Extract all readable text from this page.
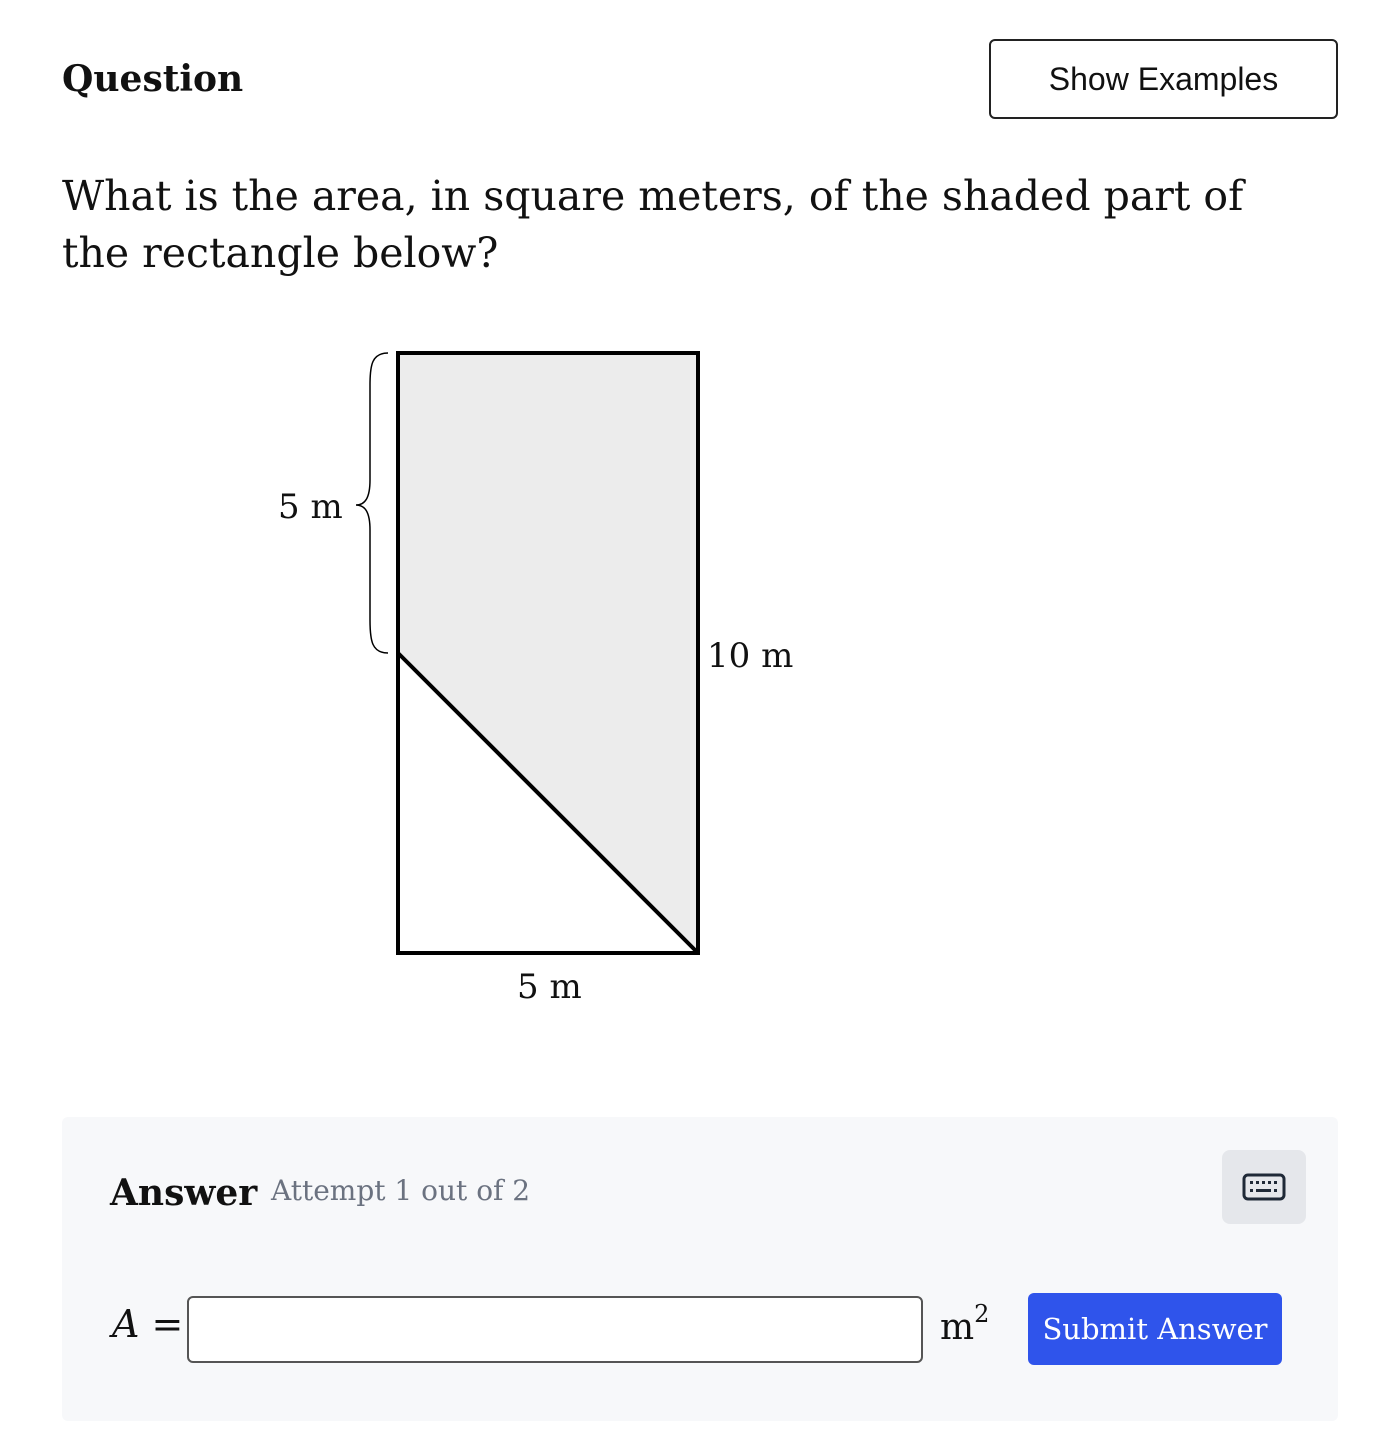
Question	Show Examples
What is the area, in square meters, of the shaded part of the rectangle below?
5 m
10 m
5 m
Answer Attempt 1 out of 2
A =	$m^2$	Submit Answer
